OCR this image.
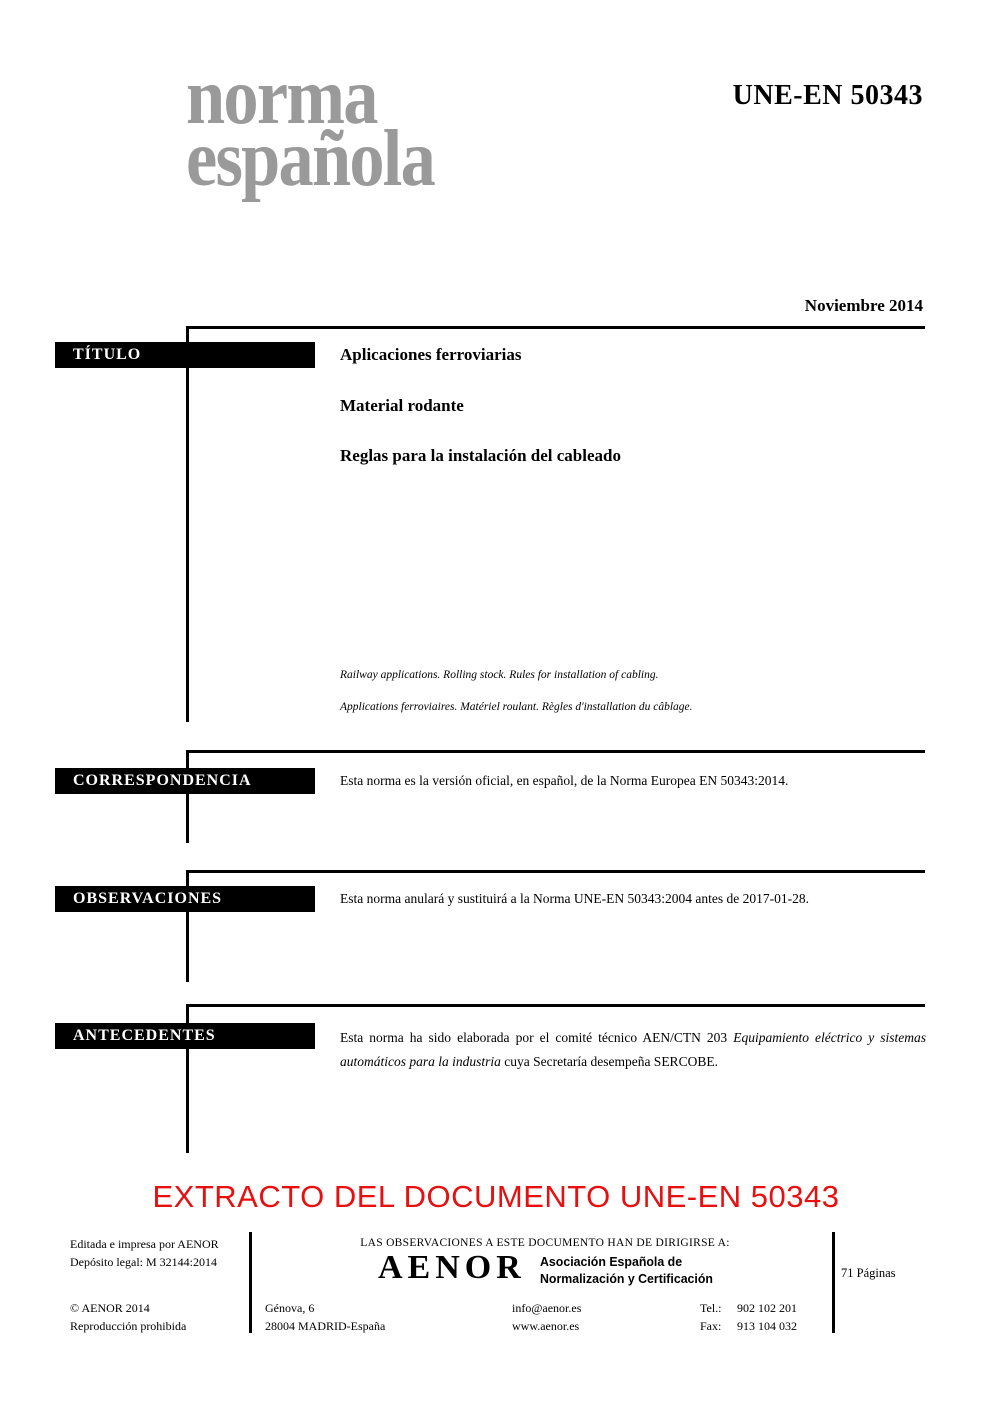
norma
española
UNE-EN 50343
Noviembre 2014
TÍTULO
CORRESPONDENCIA
OBSERVACIONES
ANTECEDENTES
Aplicaciones ferroviarias
Material rodante
Reglas para la instalación del cableado
Railway applications. Rolling stock. Rules for installation of cabling.
Applications ferroviaires. Matériel roulant. Règles d'installation du câblage.
Esta norma es la versión oficial, en español, de la Norma Europea EN 50343:2014.
Esta norma anulará y sustituirá a la Norma UNE-EN 50343:2004 antes de 2017-01-28.
Esta norma ha sido elaborada por el comité técnico AEN/CTN 203 Equipamiento eléctrico y sistemas automáticos para la industria cuya Secretaría desempeña SERCOBE.
EXTRACTO DEL DOCUMENTO UNE-EN 50343
Editada e impresa por AENOR
Depósito legal: M 32144:2014
© AENOR 2014
Reproducción prohibida
LAS OBSERVACIONES A ESTE DOCUMENTO HAN DE DIRIGIRSE A:
AENOR Asociación Española de
Normalización y Certificación
Génova, 6
28004 MADRID-España
info@aenor.es
www.aenor.es
Tel.: 902 102 201
Fax: 913 104 032
71 Páginas
